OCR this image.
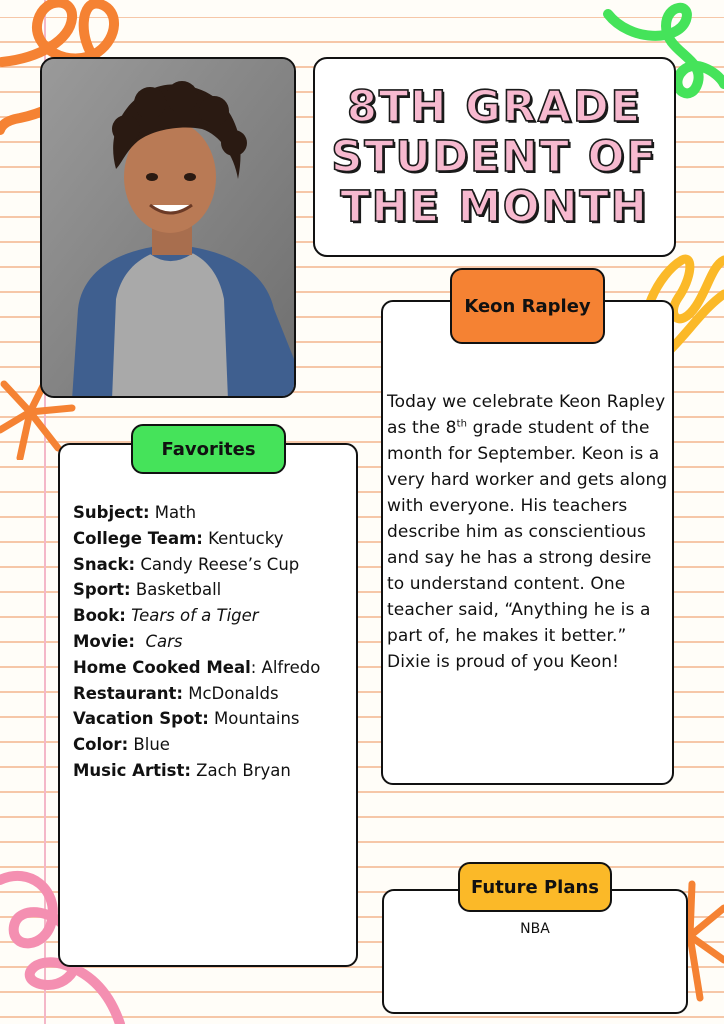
8TH GRADE
STUDENT OF
THE MONTH

Today we celebrate Keon Rapley as the 8th grade student of the month for September. Keon is a very hard worker and gets along with everyone. His teachers describe him as conscientious and say he has a strong desire to understand content. One teacher said, “Anything he is a part of, he makes it better.” Dixie is proud of you Keon!

Keon Rapley
Subject: Math
College Team: Kentucky
Snack: Candy Reese’s Cup
Sport: Basketball
Book: Tears of a Tiger
Movie: Cars
Home Cooked Meal: Alfredo
Restaurant: McDonalds
Vacation Spot: Mountains
Color: Blue
Music Artist: Zach Bryan
Favorites
NBA
Future Plans
